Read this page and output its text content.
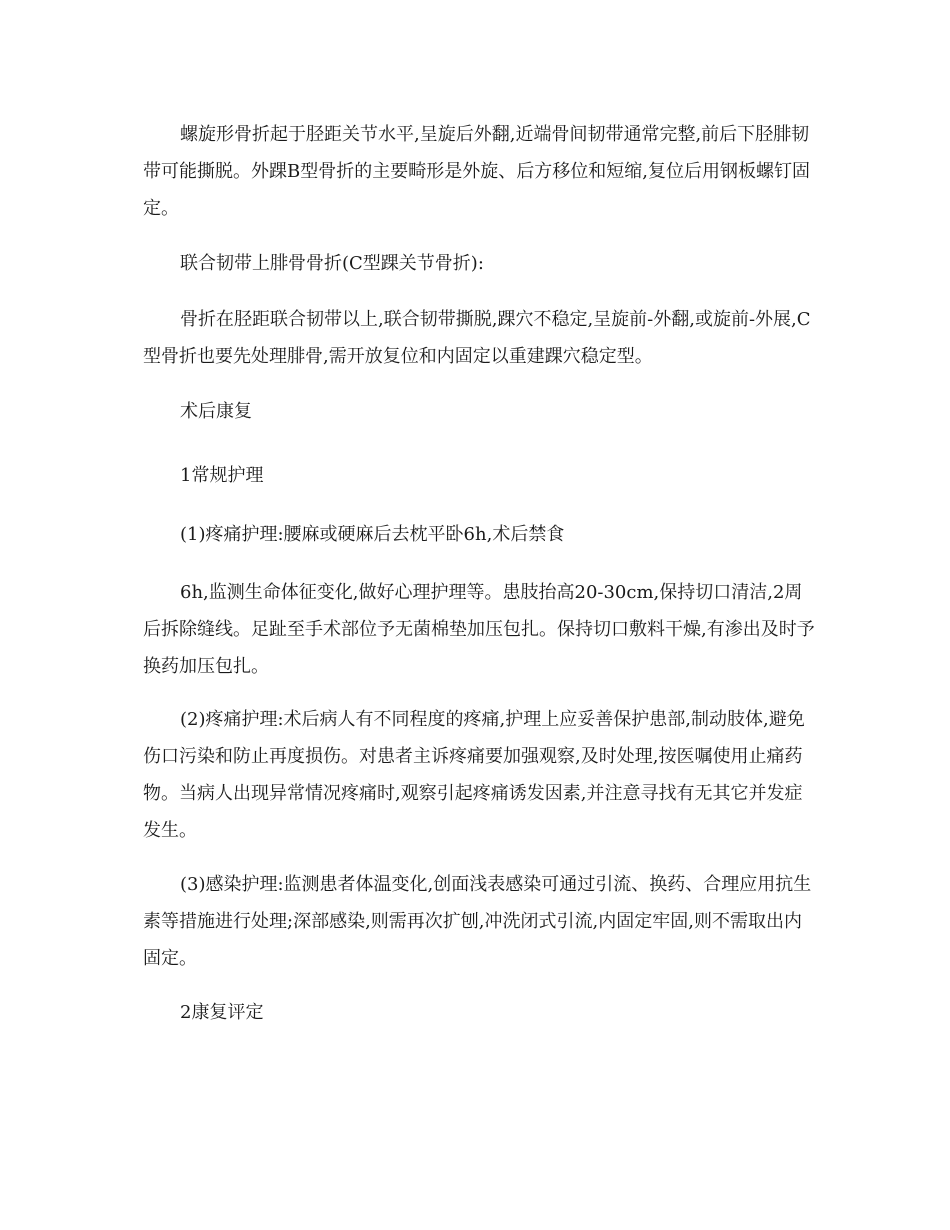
螺旋形骨折起于胫距关节水平,呈旋后外翻,近端骨间韧带通常完整,前后下胫腓韧带可能撕脱。外踝B型骨折的主要畸形是外旋、后方移位和短缩,复位后用钢板螺钉固定。

联合韧带上腓骨骨折(C型踝关节骨折):

骨折在胫距联合韧带以上,联合韧带撕脱,踝穴不稳定,呈旋前-外翻,或旋前-外展,C型骨折也要先处理腓骨,需开放复位和内固定以重建踝穴稳定型。

术后康复

1常规护理

(1)疼痛护理:腰麻或硬麻后去枕平卧6h,术后禁食

6h,监测生命体征变化,做好心理护理等。患肢抬高20-30cm,保持切口清洁,2周后拆除缝线。足趾至手术部位予无菌棉垫加压包扎。保持切口敷料干燥,有渗出及时予换药加压包扎。

(2)疼痛护理:术后病人有不同程度的疼痛,护理上应妥善保护患部,制动肢体,避免伤口污染和防止再度损伤。对患者主诉疼痛要加强观察,及时处理,按医嘱使用止痛药物。当病人出现异常情况疼痛时,观察引起疼痛诱发因素,并注意寻找有无其它并发症发生。

(3)感染护理:监测患者体温变化,创面浅表感染可通过引流、换药、合理应用抗生素等措施进行处理;深部感染,则需再次扩刨,冲洗闭式引流,内固定牢固,则不需取出内固定。

2康复评定
